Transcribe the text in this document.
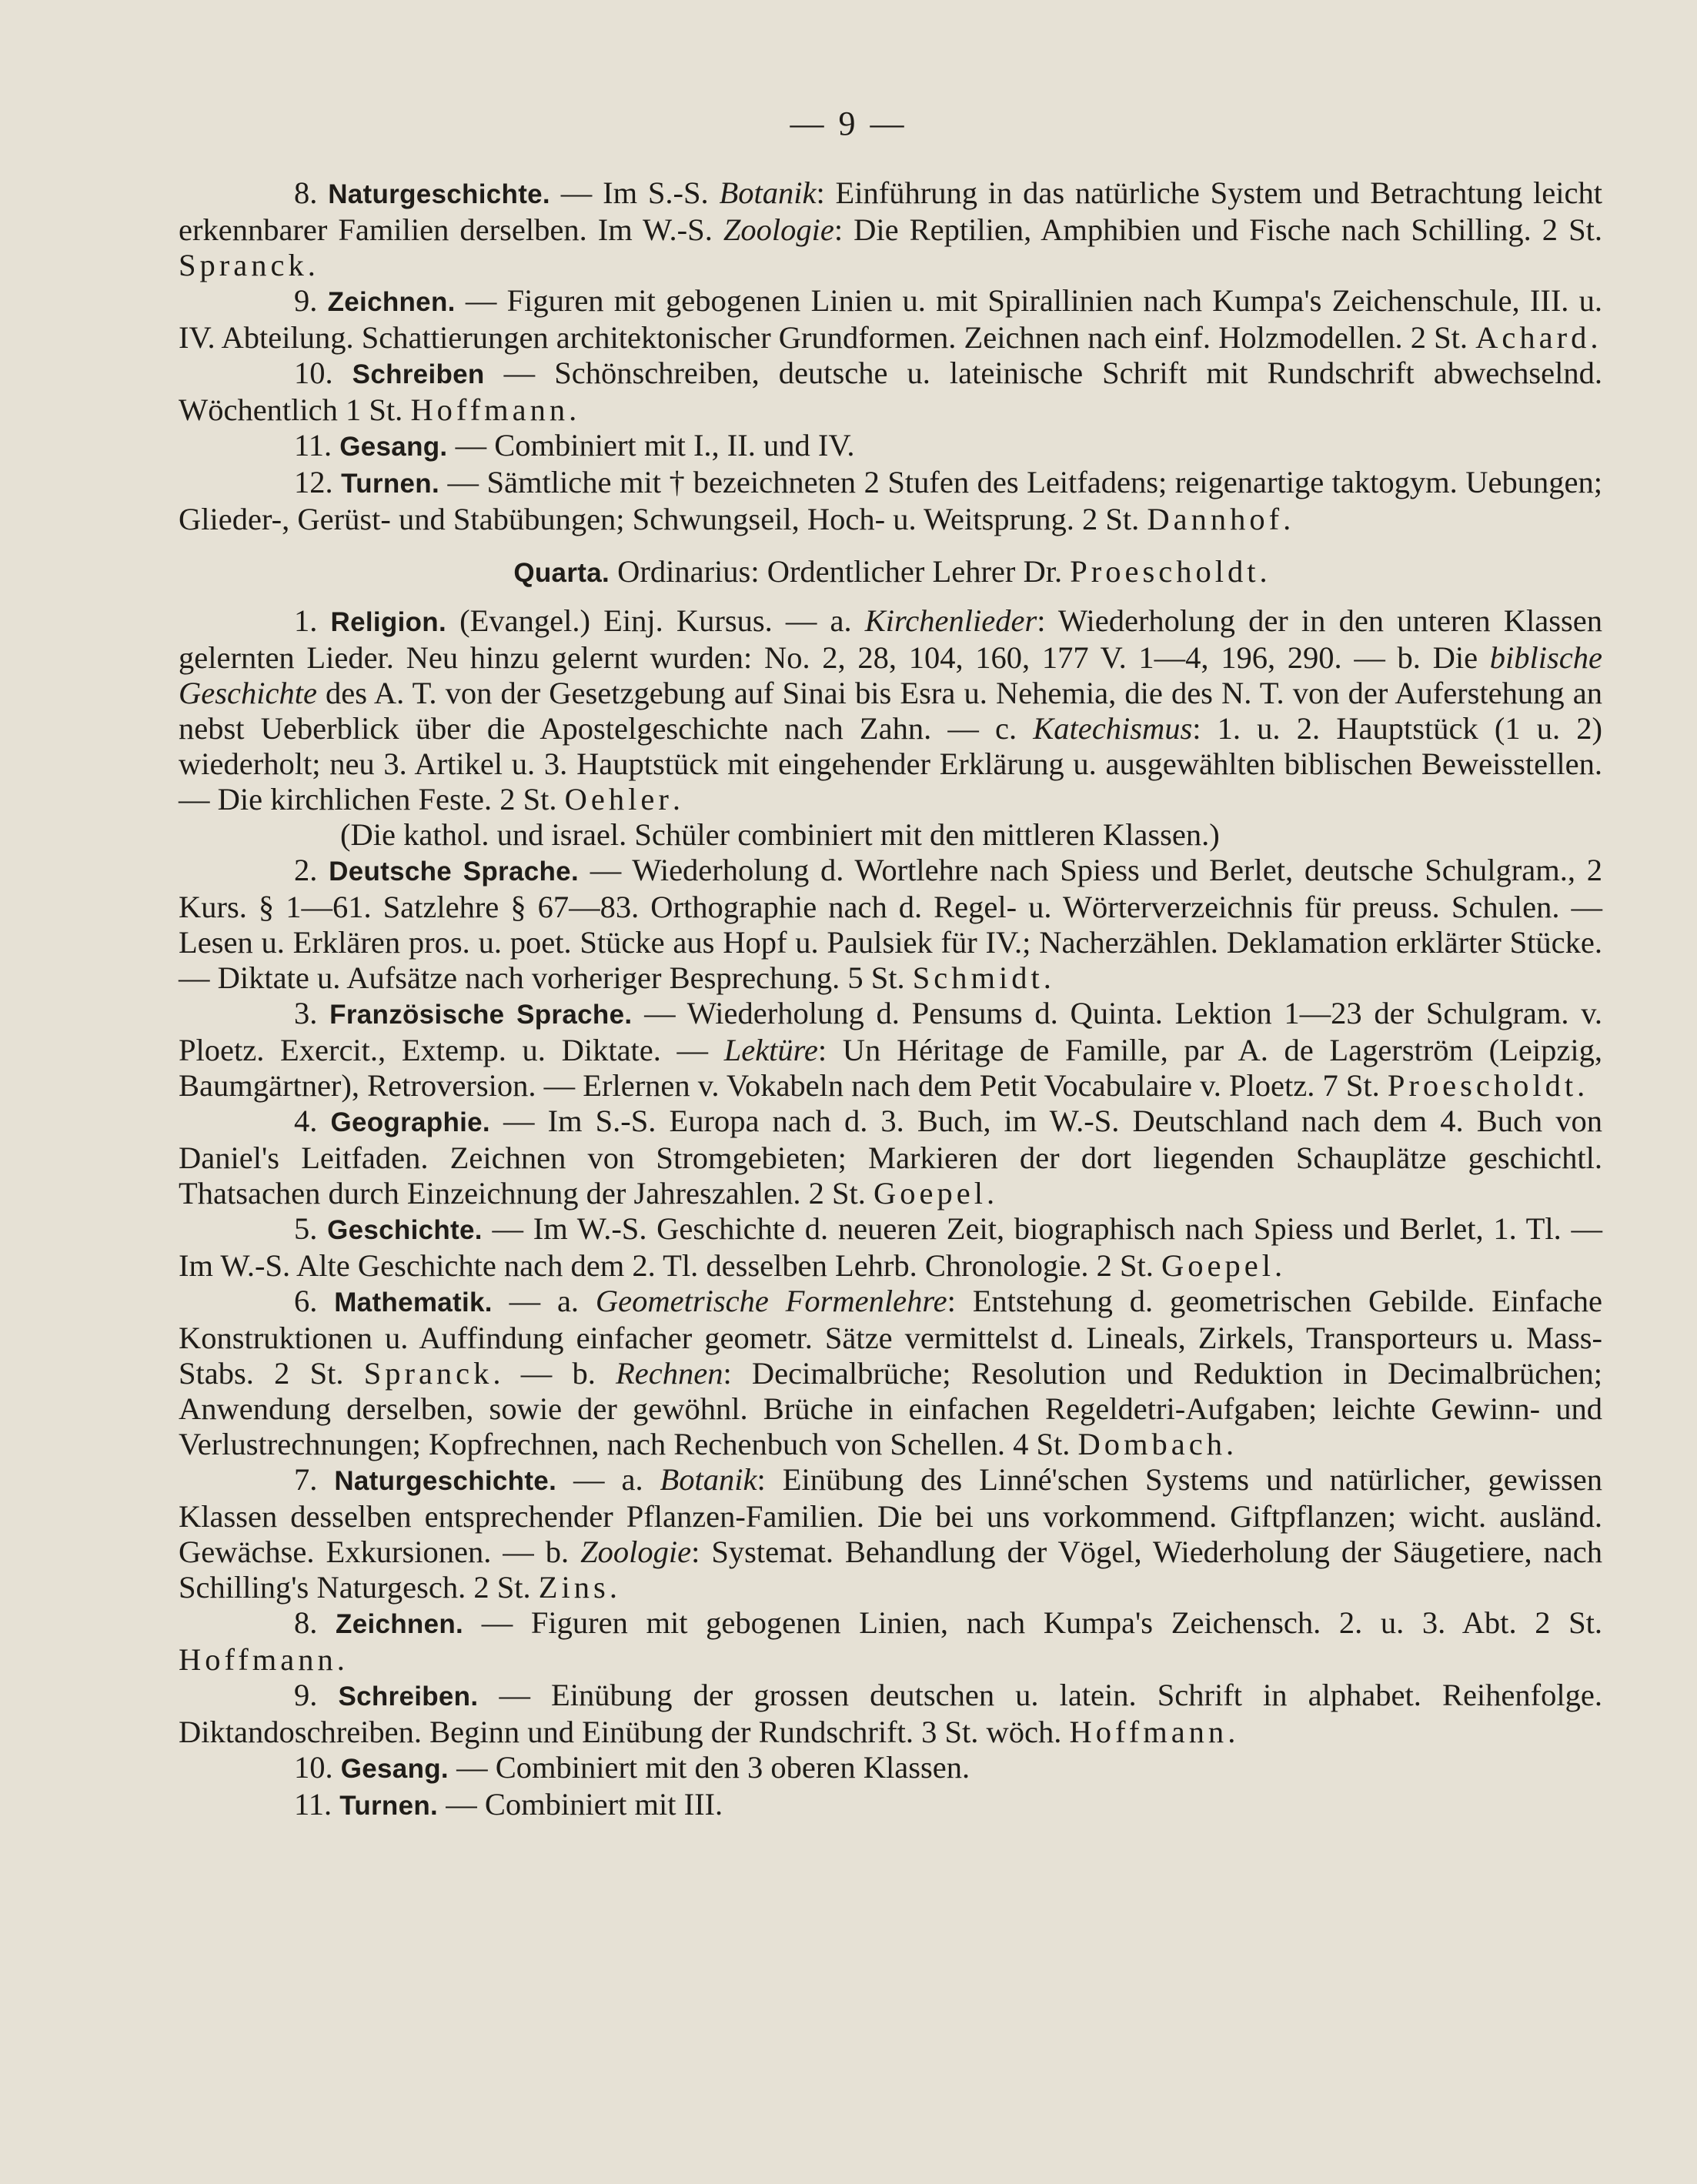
— 9 —

8. Naturgeschichte. — Im S.-S. Botanik: Einführung in das natürliche System und Betrachtung leicht erkennbarer Familien derselben. Im W.-S. Zoologie: Die Reptilien, Amphibien und Fische nach Schilling. 2 St. Spranck.

9. Zeichnen. — Figuren mit gebogenen Linien u. mit Spirallinien nach Kumpa's Zeichenschule, III. u. IV. Abteilung. Schattierungen architektonischer Grundformen. Zeichnen nach einf. Holzmodellen. 2 St. Achard.

10. Schreiben — Schönschreiben, deutsche u. lateinische Schrift mit Rundschrift abwechselnd. Wöchentlich 1 St. Hoffmann.

11. Gesang. — Combiniert mit I., II. und IV.

12. Turnen. — Sämtliche mit † bezeichneten 2 Stufen des Leitfadens; reigenartige taktogym. Uebungen; Glieder-, Gerüst- und Stabübungen; Schwungseil, Hoch- u. Weitsprung. 2 St. Dannhof.

Quarta. Ordinarius: Ordentlicher Lehrer Dr. Proescholdt.

1. Religion. (Evangel.) Einj. Kursus. — a. Kirchenlieder: Wiederholung der in den unteren Klassen gelernten Lieder. Neu hinzu gelernt wurden: No. 2, 28, 104, 160, 177 V. 1—4, 196, 290. — b. Die biblische Geschichte des A. T. von der Gesetzgebung auf Sinai bis Esra u. Nehemia, die des N. T. von der Auferstehung an nebst Ueberblick über die Apostelgeschichte nach Zahn. — c. Katechismus: 1. u. 2. Hauptstück (1 u. 2) wiederholt; neu 3. Artikel u. 3. Hauptstück mit eingehender Erklärung u. ausgewählten biblischen Beweisstellen. — Die kirchlichen Feste. 2 St. Oehler.

(Die kathol. und israel. Schüler combiniert mit den mittleren Klassen.)

2. Deutsche Sprache. — Wiederholung d. Wortlehre nach Spiess und Berlet, deutsche Schulgram., 2 Kurs. § 1—61. Satzlehre § 67—83. Orthographie nach d. Regel- u. Wörterverzeichnis für preuss. Schulen. — Lesen u. Erklären pros. u. poet. Stücke aus Hopf u. Paulsiek für IV.; Nacherzählen. Deklamation erklärter Stücke. — Diktate u. Aufsätze nach vorheriger Besprechung. 5 St. Schmidt.

3. Französische Sprache. — Wiederholung d. Pensums d. Quinta. Lektion 1—23 der Schulgram. v. Ploetz. Exercit., Extemp. u. Diktate. — Lektüre: Un Héritage de Famille, par A. de Lagerström (Leipzig, Baumgärtner), Retroversion. — Erlernen v. Vokabeln nach dem Petit Vocabulaire v. Ploetz. 7 St. Proescholdt.

4. Geographie. — Im S.-S. Europa nach d. 3. Buch, im W.-S. Deutschland nach dem 4. Buch von Daniel's Leitfaden. Zeichnen von Stromgebieten; Markieren der dort liegenden Schauplätze geschichtl. Thatsachen durch Einzeichnung der Jahreszahlen. 2 St. Goepel.

5. Geschichte. — Im W.-S. Geschichte d. neueren Zeit, biographisch nach Spiess und Berlet, 1. Tl. — Im W.-S. Alte Geschichte nach dem 2. Tl. desselben Lehrb. Chronologie. 2 St. Goepel.

6. Mathematik. — a. Geometrische Formenlehre: Entstehung d. geometrischen Gebilde. Einfache Konstruktionen u. Auffindung einfacher geometr. Sätze vermittelst d. Lineals, Zirkels, Transporteurs u. Mass-Stabs. 2 St. Spranck. — b. Rechnen: Decimalbrüche; Resolution und Reduktion in Decimalbrüchen; Anwendung derselben, sowie der gewöhnl. Brüche in einfachen Regeldetri-Aufgaben; leichte Gewinn- und Verlustrechnungen; Kopfrechnen, nach Rechenbuch von Schellen. 4 St. Dombach.

7. Naturgeschichte. — a. Botanik: Einübung des Linné'schen Systems und natürlicher, gewissen Klassen desselben entsprechender Pflanzen-Familien. Die bei uns vorkommend. Giftpflanzen; wicht. ausländ. Gewächse. Exkursionen. — b. Zoologie: Systemat. Behandlung der Vögel, Wiederholung der Säugetiere, nach Schilling's Naturgesch. 2 St. Zins.

8. Zeichnen. — Figuren mit gebogenen Linien, nach Kumpa's Zeichensch. 2. u. 3. Abt. 2 St. Hoffmann.

9. Schreiben. — Einübung der grossen deutschen u. latein. Schrift in alphabet. Reihenfolge. Diktandoschreiben. Beginn und Einübung der Rundschrift. 3 St. wöch. Hoffmann.

10. Gesang. — Combiniert mit den 3 oberen Klassen.

11. Turnen. — Combiniert mit III.
